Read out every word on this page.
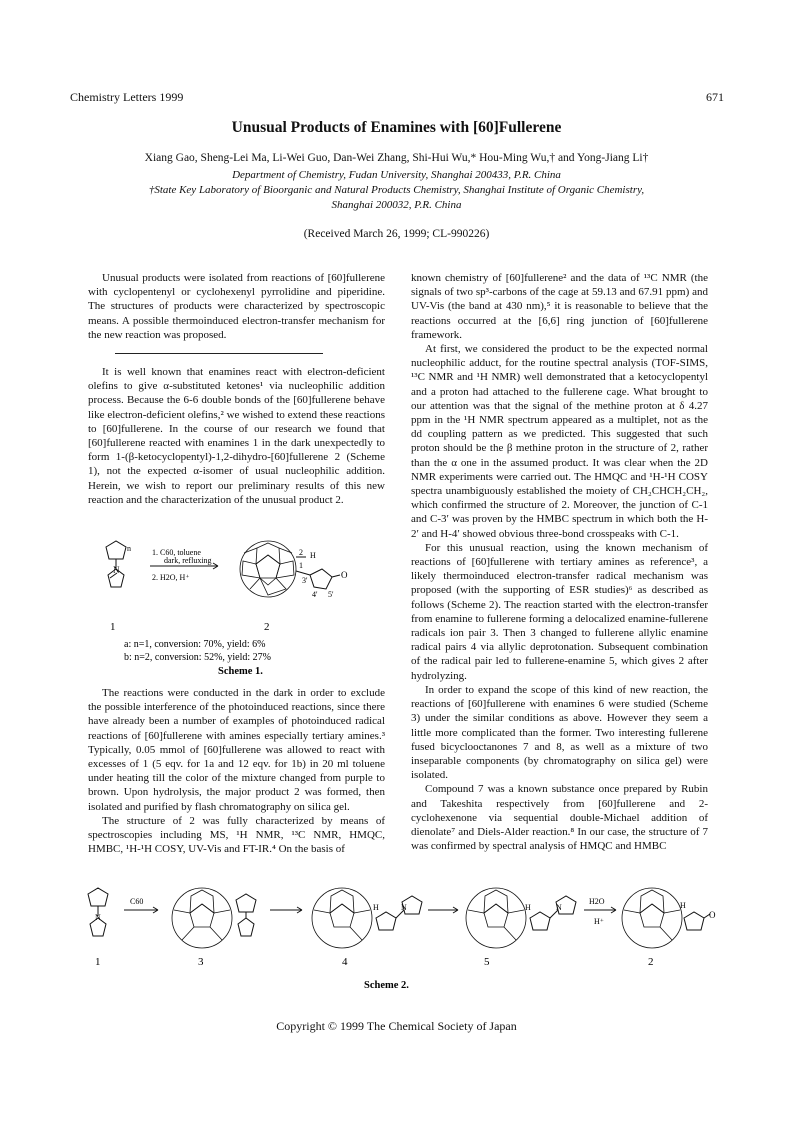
Chemistry Letters 1999	671
Unusual Products of Enamines with [60]Fullerene
Xiang Gao, Sheng-Lei Ma, Li-Wei Guo, Dan-Wei Zhang, Shi-Hui Wu,* Hou-Ming Wu,† and Yong-Jiang Li†
Department of Chemistry, Fudan University, Shanghai 200433, P.R. China
†State Key Laboratory of Bioorganic and Natural Products Chemistry, Shanghai Institute of Organic Chemistry,
Shanghai 200032, P.R. China
(Received March 26, 1999; CL-990226)

Unusual products were isolated from reactions of [60]fullerene with cyclopentenyl or cyclohexenyl pyrrolidine and piperidine. The structures of products were characterized by spectroscopic means. A possible thermoinduced electron-transfer mechanism for the new reaction was proposed.

It is well known that enamines react with electron-deficient olefins to give α-substituted ketones¹ via nucleophilic addition process. Because the 6-6 double bonds of the [60]fullerene behave like electron-deficient olefins,² we wished to extend these reactions to [60]fullerene. In the course of our research we found that [60]fullerene reacted with enamines 1 in the dark unexpectedly to form 1-(β-ketocyclopentyl)-1,2-dihydro-[60]fullerene 2 (Scheme 1), not the expected α-isomer of usual nucleophilic addition. Herein, we wish to report our preliminary results of this new reaction and the characterization of the unusual product 2.

N
n
1
1. C60, toluene
dark, refluxing
2. H2O, H⁺
2 H
1
3'
4' 5'
O
2
a: n=1, conversion: 70%, yield: 6%
b: n=2, conversion: 52%, yield: 27%
Scheme 1.

The reactions were conducted in the dark in order to exclude the possible interference of the photoinduced reactions, since there have already been a number of examples of photoinduced radical reactions of [60]fullerene with amines especially tertiary amines.³ Typically, 0.05 mmol of [60]fullerene was allowed to react with excesses of 1 (5 eqv. for 1a and 12 eqv. for 1b) in 20 ml toluene under heating till the color of the mixture changed from purple to brown. Upon hydrolysis, the major product 2 was formed, then isolated and purified by flash chromatography on silica gel.

The structure of 2 was fully characterized by means of spectroscopies including MS, ¹H NMR, ¹³C NMR, HMQC, HMBC, ¹H-¹H COSY, UV-Vis and FT-IR.⁴ On the basis of

known chemistry of [60]fullerene² and the data of ¹³C NMR (the signals of two sp³-carbons of the cage at 59.13 and 67.91 ppm) and UV-Vis (the band at 430 nm),⁵ it is reasonable to believe that the reactions occurred at the [6,6] ring junction of [60]fullerene framework.

At first, we considered the product to be the expected normal nucleophilic adduct, for the routine spectral analysis (TOF-SIMS, ¹³C NMR and ¹H NMR) well demonstrated that a ketocyclopentyl and a proton had attached to the fullerene cage. What brought to our attention was that the signal of the methine proton at δ 4.27 ppm in the ¹H NMR spectrum appeared as a multiplet, not as the dd coupling pattern as we predicted. This suggested that such proton should be the β methine proton in the structure of 2, rather than the α one in the assumed product. It was clear when the 2D NMR experiments were carried out. The HMQC and ¹H-¹H COSY spectra unambiguously established the moiety of CH₂CHCH₂CH₂, which confirmed the structure of 2. Moreover, the junction of C-1 and C-3′ was proven by the HMBC spectrum in which both the H-2′ and H-4′ showed obvious three-bond crosspeaks with C-1.

For this unusual reaction, using the known mechanism of reactions of [60]fullerene with tertiary amines as reference³, a likely thermoinduced electron-transfer radical mechanism was proposed (with the supporting of ESR studies)⁶ as described as follows (Scheme 2). The reaction started with the electron-transfer from enamine to fullerene forming a delocalized enamine-fullerene radicals ion pair 3. Then 3 changed to fullerene allylic enamine radical pairs 4 via allylic deprotonation. Subsequent combination of the radical pair led to fullerene-enamine 5, which gives 2 after hydrolyzing.

In order to expand the scope of this kind of new reaction, the reactions of [60]fullerene with enamines 6 were studied (Scheme 3) under the similar conditions as above. However they seem a little more complicated than the former. Two interesting fullerene fused bicyclooctanones 7 and 8, as well as a mixture of two inseparable components (by chromatography on silica gel) were isolated.

Compound 7 was a known substance once prepared by Rubin and Takeshita respectively from [60]fullerene and 2-cyclohexenone via sequential double-Michael addition of dienolate⁷ and Diels-Alder reaction.⁸ In our case, the structure of 7 was confirmed by spectral analysis of HMQC and HMBC

N
1
C60
3
H	N
4
H	N
5
H2O
H⁺
H
O
2
Scheme 2.
Copyright © 1999 The Chemical Society of Japan
